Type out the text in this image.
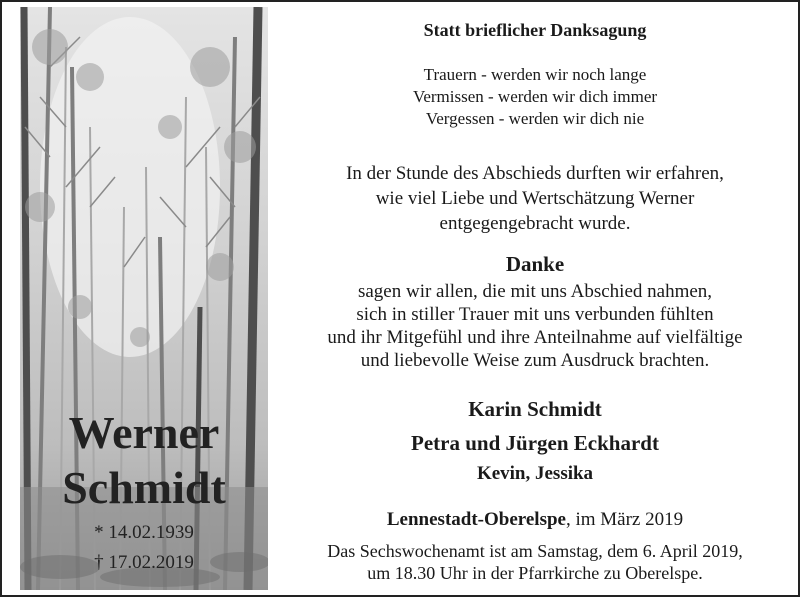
Werner
Schmidt
* 14.02.1939
† 17.02.2019
Statt brieflicher Danksagung
Trauern - werden wir noch lange
Vermissen - werden wir dich immer
Vergessen - werden wir dich nie
In der Stunde des Abschieds durften wir erfahren,
wie viel Liebe und Wertschätzung Werner
entgegengebracht wurde.
Danke
sagen wir allen, die mit uns Abschied nahmen,
sich in stiller Trauer mit uns verbunden fühlten
und ihr Mitgefühl und ihre Anteilnahme auf vielfältige
und liebevolle Weise zum Ausdruck brachten.
Karin Schmidt
Petra und Jürgen Eckhardt
Kevin, Jessika
Lennestadt-Oberelspe, im März 2019
Das Sechswochenamt ist am Samstag, dem 6. April 2019,
um 18.30 Uhr in der Pfarrkirche zu Oberelspe.
